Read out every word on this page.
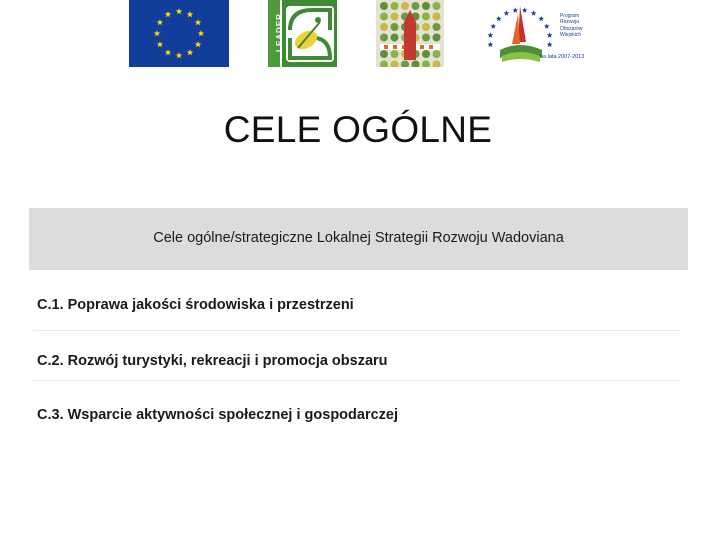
LEADER	Program Rozwoju Obszarów Wiejskich
na lata 2007-2013
CELE OGÓLNE
Cele ogólne/strategiczne Lokalnej Strategii Rozwoju Wadoviana
C.1. Poprawa jakości środowiska i przestrzeni
C.2. Rozwój turystyki, rekreacji i promocja obszaru
C.3. Wsparcie aktywności społecznej i gospodarczej
